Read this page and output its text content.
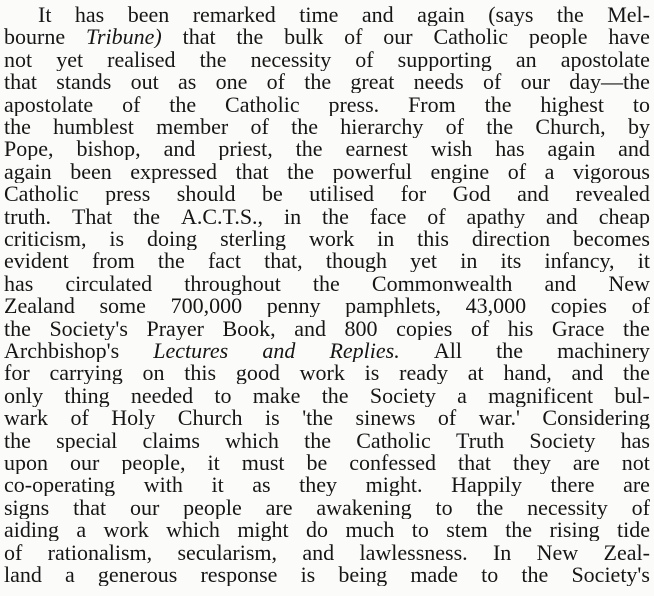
It has been remarked time and again (says the Mel-
bourne Tribune) that the bulk of our Catholic people have
not yet realised the necessity of supporting an apostolate
that stands out as one of the great needs of our day—the
apostolate of the Catholic press. From the highest to
the humblest member of the hierarchy of the Church, by
Pope, bishop, and priest, the earnest wish has again and
again been expressed that the powerful engine of a vigorous
Catholic press should be utilised for God and revealed
truth. That the A.C.T.S., in the face of apathy and cheap
criticism, is doing sterling work in this direction becomes
evident from the fact that, though yet in its infancy, it
has circulated throughout the Commonwealth and New
Zealand some 700,000 penny pamphlets, 43,000 copies of
the Society's Prayer Book, and 800 copies of his Grace the
Archbishop's Lectures and Replies. All the machinery
for carrying on this good work is ready at hand, and the
only thing needed to make the Society a magnificent bul-
wark of Holy Church is 'the sinews of war.' Considering
the special claims which the Catholic Truth Society has
upon our people, it must be confessed that they are not
co-operating with it as they might. Happily there are
signs that our people are awakening to the necessity of
aiding a work which might do much to stem the rising tide
of rationalism, secularism, and lawlessness. In New Zeal-
land a generous response is being made to the Society's
